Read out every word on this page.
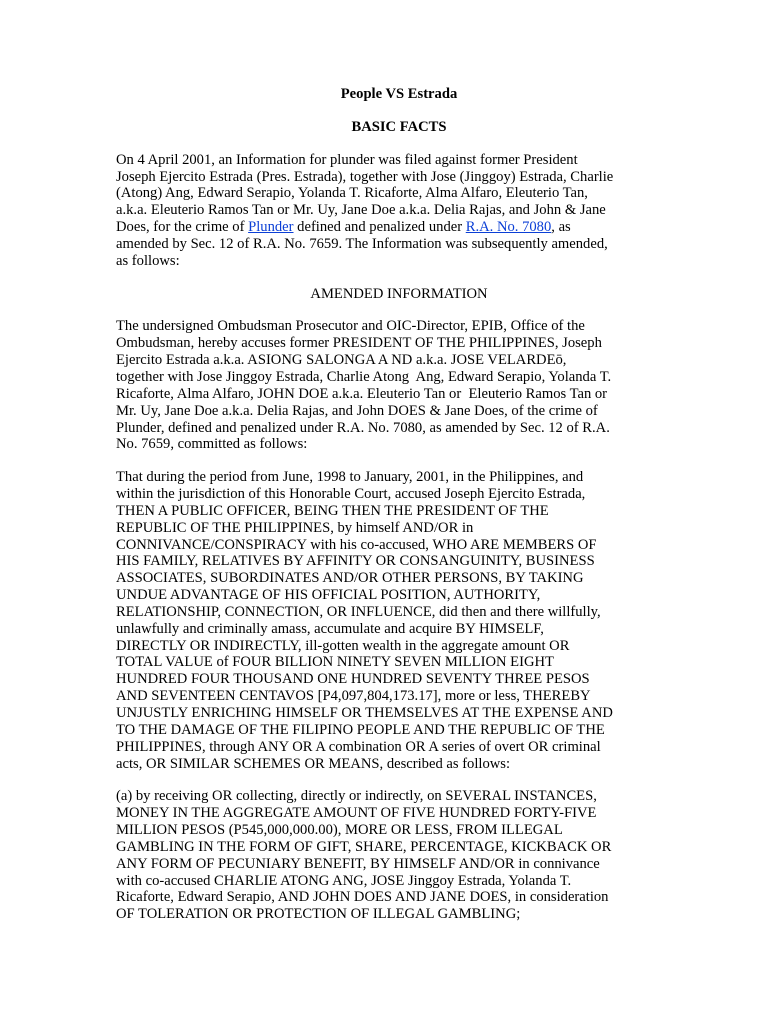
People VS Estrada
BASIC FACTS

On 4 April 2001, an Information for plunder was filed against former President
Joseph Ejercito Estrada (Pres. Estrada), together with Jose (Jinggoy) Estrada, Charlie
(Atong) Ang, Edward Serapio, Yolanda T. Ricaforte, Alma Alfaro, Eleuterio Tan,
a.k.a. Eleuterio Ramos Tan or Mr. Uy, Jane Doe a.k.a. Delia Rajas, and John & Jane
Does, for the crime of Plunder defined and penalized under R.A. No. 7080, as
amended by Sec. 12 of R.A. No. 7659. The Information was subsequently amended,
as follows:

AMENDED INFORMATION

The undersigned Ombudsman Prosecutor and OIC-Director, EPIB, Office of the
Ombudsman, hereby accuses former PRESIDENT OF THE PHILIPPINES, Joseph
Ejercito Estrada a.k.a. ASIONG SALONGA A ND a.k.a. JOSE VELARDEō,
together with Jose Jinggoy Estrada, Charlie Atong  Ang, Edward Serapio, Yolanda T.
Ricaforte, Alma Alfaro, JOHN DOE a.k.a. Eleuterio Tan or  Eleuterio Ramos Tan or
Mr. Uy, Jane Doe a.k.a. Delia Rajas, and John DOES & Jane Does, of the crime of
Plunder, defined and penalized under R.A. No. 7080, as amended by Sec. 12 of R.A.
No. 7659, committed as follows:

That during the period from June, 1998 to January, 2001, in the Philippines, and
within the jurisdiction of this Honorable Court, accused Joseph Ejercito Estrada,
THEN A PUBLIC OFFICER, BEING THEN THE PRESIDENT OF THE
REPUBLIC OF THE PHILIPPINES, by himself AND/OR in
CONNIVANCE/CONSPIRACY with his co-accused, WHO ARE MEMBERS OF
HIS FAMILY, RELATIVES BY AFFINITY OR CONSANGUINITY, BUSINESS
ASSOCIATES, SUBORDINATES AND/OR OTHER PERSONS, BY TAKING
UNDUE ADVANTAGE OF HIS OFFICIAL POSITION, AUTHORITY,
RELATIONSHIP, CONNECTION, OR INFLUENCE, did then and there willfully,
unlawfully and criminally amass, accumulate and acquire BY HIMSELF,
DIRECTLY OR INDIRECTLY, ill-gotten wealth in the aggregate amount OR
TOTAL VALUE of FOUR BILLION NINETY SEVEN MILLION EIGHT
HUNDRED FOUR THOUSAND ONE HUNDRED SEVENTY THREE PESOS
AND SEVENTEEN CENTAVOS [P4,097,804,173.17], more or less, THEREBY
UNJUSTLY ENRICHING HIMSELF OR THEMSELVES AT THE EXPENSE AND
TO THE DAMAGE OF THE FILIPINO PEOPLE AND THE REPUBLIC OF THE
PHILIPPINES, through ANY OR A combination OR A series of overt OR criminal
acts, OR SIMILAR SCHEMES OR MEANS, described as follows:

(a) by receiving OR collecting, directly or indirectly, on SEVERAL INSTANCES,
MONEY IN THE AGGREGATE AMOUNT OF FIVE HUNDRED FORTY-FIVE
MILLION PESOS (P545,000,000.00), MORE OR LESS, FROM ILLEGAL
GAMBLING IN THE FORM OF GIFT, SHARE, PERCENTAGE, KICKBACK OR
ANY FORM OF PECUNIARY BENEFIT, BY HIMSELF AND/OR in connivance
with co-accused CHARLIE ATONG ANG, JOSE Jinggoy Estrada, Yolanda T.
Ricaforte, Edward Serapio, AND JOHN DOES AND JANE DOES, in consideration
OF TOLERATION OR PROTECTION OF ILLEGAL GAMBLING;
